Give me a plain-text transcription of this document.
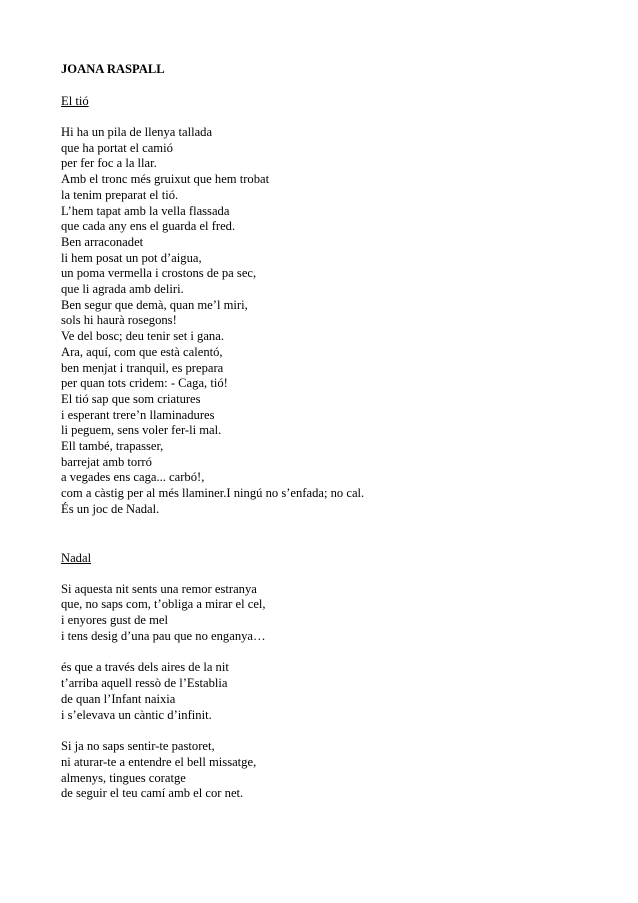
JOANA RASPALL

El tió

Hi ha un pila de llenya tallada

que ha portat el camió

per fer foc a la llar.

Amb el tronc més gruixut que hem trobat

la tenim preparat el tió.

L’hem tapat amb la vella flassada

que cada any ens el guarda el fred.

Ben arraconadet

li hem posat un pot d’aigua,

un poma vermella i crostons de pa sec,

que li agrada amb deliri.

Ben segur que demà, quan me’l miri,

sols hi haurà rosegons!

Ve del bosc; deu tenir set i gana.

Ara, aquí, com que està calentó,

ben menjat i tranquil, es prepara

per quan tots cridem: - Caga, tió!

El tió sap que som criatures

i esperant trere’n llaminadures

li peguem, sens voler fer-li mal.

Ell també, trapasser,

barrejat amb torró

a vegades ens caga... carbó!,

com a càstig per al més llaminer.I ningú no s’enfada; no cal.

És un joc de Nadal.

Nadal

Si aquesta nit sents una remor estranya

que, no saps com, t’obliga a mirar el cel,

i enyores gust de mel

i tens desig d’una pau que no enganya…

és que a través dels aires de la nit

t’arriba aquell ressò de l’Establia

de quan l’Infant naixia

i s’elevava un càntic d’infinit.

Si ja no saps sentir-te pastoret,

ni aturar-te a entendre el bell missatge,

almenys, tingues coratge

de seguir el teu camí amb el cor net.
